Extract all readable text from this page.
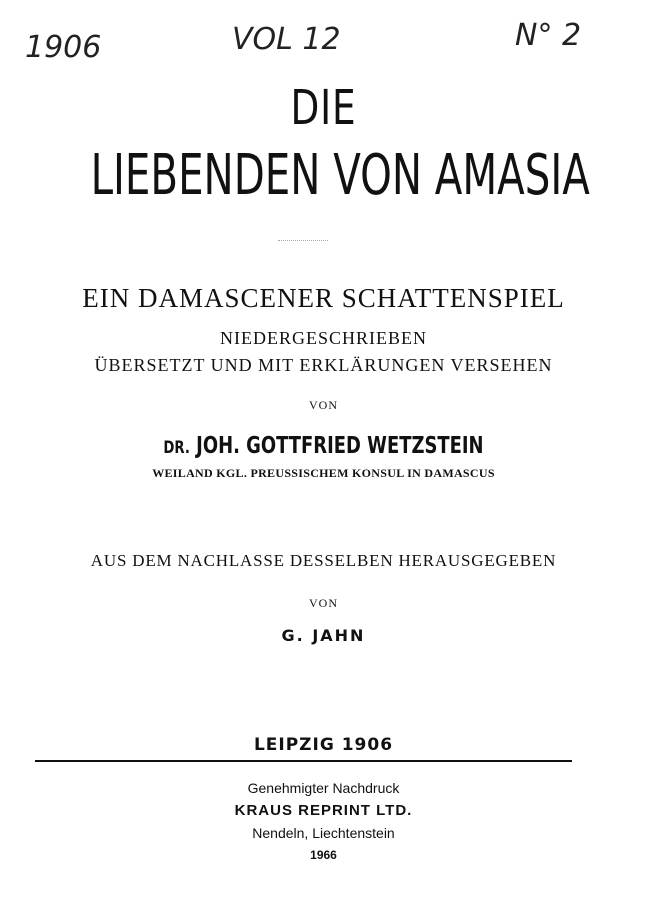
1906	VOL 12	N° 2
DIE
LIEBENDEN VON AMASIA
EIN DAMASCENER SCHATTENSPIEL
NIEDERGESCHRIEBEN
ÜBERSETZT UND MIT ERKLÄRUNGEN VERSEHEN
VON
DR. JOH. GOTTFRIED WETZSTEIN
WEILAND KGL. PREUSSISCHEM KONSUL IN DAMASCUS
AUS DEM NACHLASSE DESSELBEN HERAUSGEGEBEN
VON
G. JAHN
LEIPZIG 1906
Genehmigter Nachdruck
KRAUS REPRINT LTD.
Nendeln, Liechtenstein
1966
